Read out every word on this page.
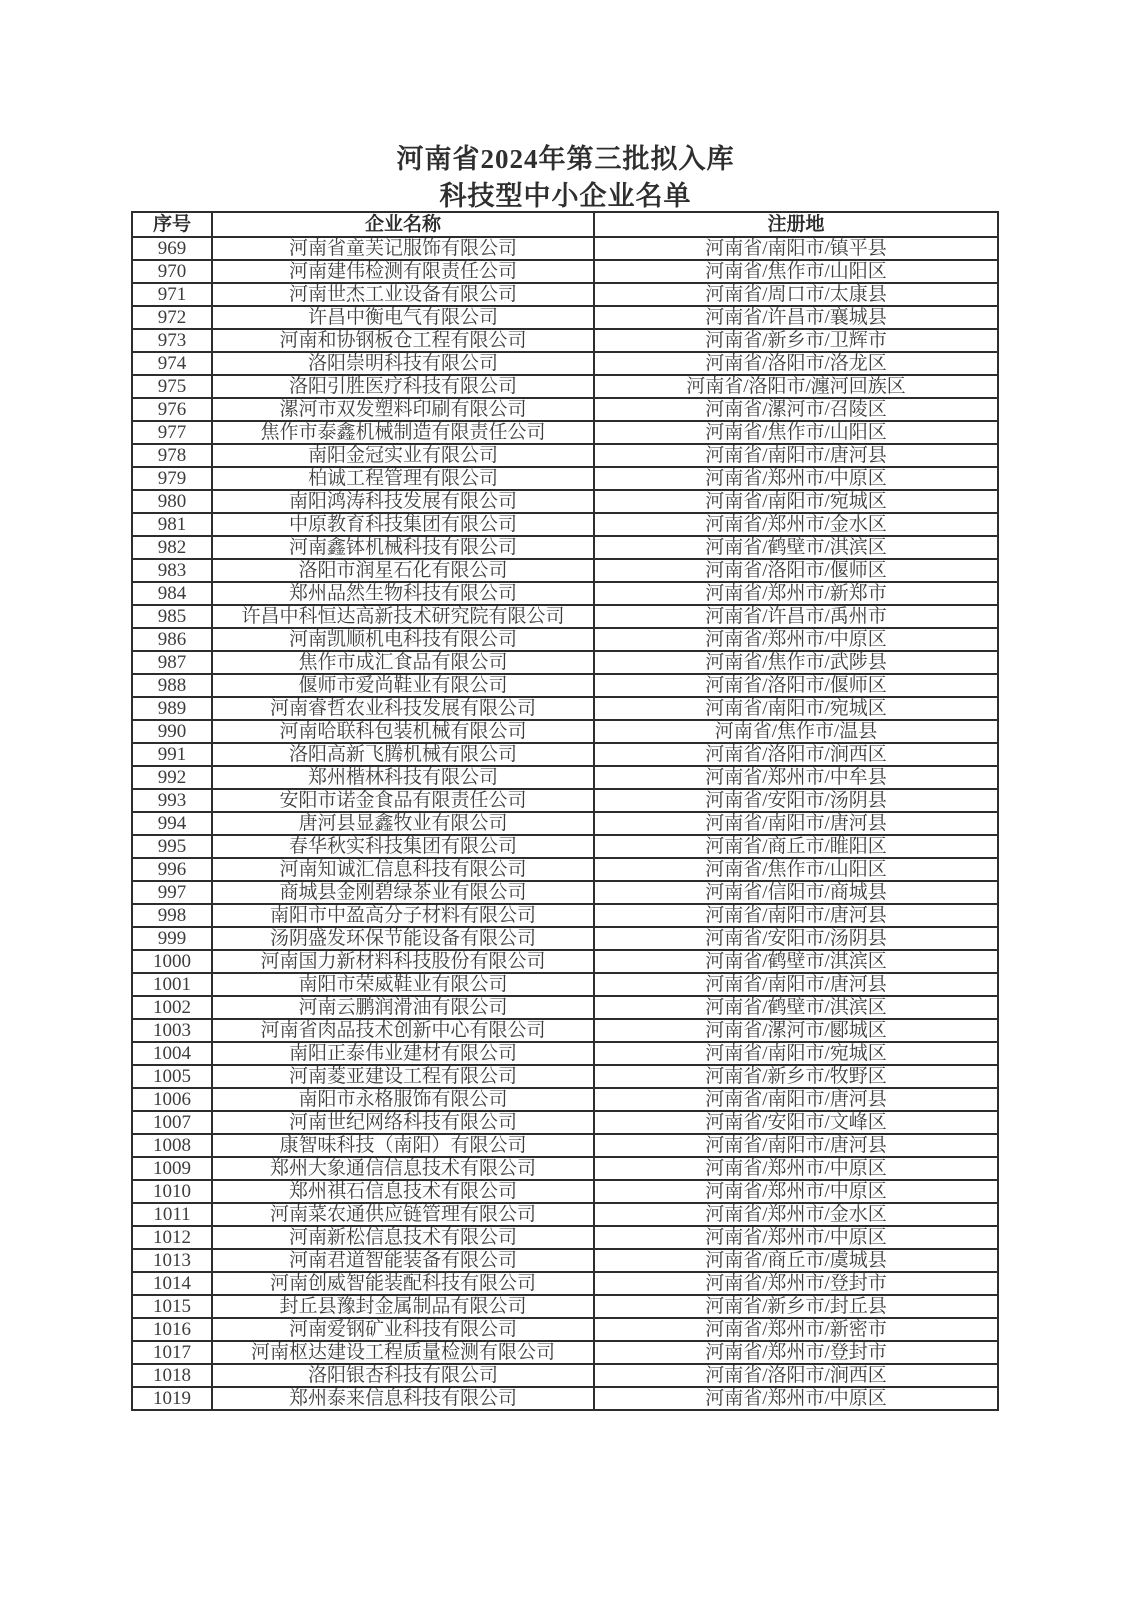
河南省2024年第三批拟入库
科技型中小企业名单
序号	企业名称	注册地
969	河南省童芙记服饰有限公司	河南省/南阳市/镇平县
970	河南建伟检测有限责任公司	河南省/焦作市/山阳区
971	河南世杰工业设备有限公司	河南省/周口市/太康县
972	许昌中衡电气有限公司	河南省/许昌市/襄城县
973	河南和协钢板仓工程有限公司	河南省/新乡市/卫辉市
974	洛阳崇明科技有限公司	河南省/洛阳市/洛龙区
975	洛阳引胜医疗科技有限公司	河南省/洛阳市/瀍河回族区
976	漯河市双发塑料印刷有限公司	河南省/漯河市/召陵区
977	焦作市泰鑫机械制造有限责任公司	河南省/焦作市/山阳区
978	南阳金冠实业有限公司	河南省/南阳市/唐河县
979	柏诚工程管理有限公司	河南省/郑州市/中原区
980	南阳鸿涛科技发展有限公司	河南省/南阳市/宛城区
981	中原教育科技集团有限公司	河南省/郑州市/金水区
982	河南鑫钵机械科技有限公司	河南省/鹤壁市/淇滨区
983	洛阳市润星石化有限公司	河南省/洛阳市/偃师区
984	郑州品然生物科技有限公司	河南省/郑州市/新郑市
985	许昌中科恒达高新技术研究院有限公司	河南省/许昌市/禹州市
986	河南凯顺机电科技有限公司	河南省/郑州市/中原区
987	焦作市成汇食品有限公司	河南省/焦作市/武陟县
988	偃师市爱尚鞋业有限公司	河南省/洛阳市/偃师区
989	河南睿哲农业科技发展有限公司	河南省/南阳市/宛城区
990	河南哈联科包装机械有限公司	河南省/焦作市/温县
991	洛阳高新飞腾机械有限公司	河南省/洛阳市/涧西区
992	郑州楷林科技有限公司	河南省/郑州市/中牟县
993	安阳市诺金食品有限责任公司	河南省/安阳市/汤阴县
994	唐河县显鑫牧业有限公司	河南省/南阳市/唐河县
995	春华秋实科技集团有限公司	河南省/商丘市/睢阳区
996	河南知诚汇信息科技有限公司	河南省/焦作市/山阳区
997	商城县金刚碧绿茶业有限公司	河南省/信阳市/商城县
998	南阳市中盈高分子材料有限公司	河南省/南阳市/唐河县
999	汤阴盛发环保节能设备有限公司	河南省/安阳市/汤阴县
1000	河南国力新材料科技股份有限公司	河南省/鹤壁市/淇滨区
1001	南阳市荣威鞋业有限公司	河南省/南阳市/唐河县
1002	河南云鹏润滑油有限公司	河南省/鹤壁市/淇滨区
1003	河南省肉品技术创新中心有限公司	河南省/漯河市/郾城区
1004	南阳正泰伟业建材有限公司	河南省/南阳市/宛城区
1005	河南菱亚建设工程有限公司	河南省/新乡市/牧野区
1006	南阳市永格服饰有限公司	河南省/南阳市/唐河县
1007	河南世纪网络科技有限公司	河南省/安阳市/文峰区
1008	康智味科技（南阳）有限公司	河南省/南阳市/唐河县
1009	郑州大象通信信息技术有限公司	河南省/郑州市/中原区
1010	郑州祺石信息技术有限公司	河南省/郑州市/中原区
1011	河南菜农通供应链管理有限公司	河南省/郑州市/金水区
1012	河南新松信息技术有限公司	河南省/郑州市/中原区
1013	河南君道智能装备有限公司	河南省/商丘市/虞城县
1014	河南创威智能装配科技有限公司	河南省/郑州市/登封市
1015	封丘县豫封金属制品有限公司	河南省/新乡市/封丘县
1016	河南爱钢矿业科技有限公司	河南省/郑州市/新密市
1017	河南枢达建设工程质量检测有限公司	河南省/郑州市/登封市
1018	洛阳银杏科技有限公司	河南省/洛阳市/涧西区
1019	郑州泰来信息科技有限公司	河南省/郑州市/中原区
